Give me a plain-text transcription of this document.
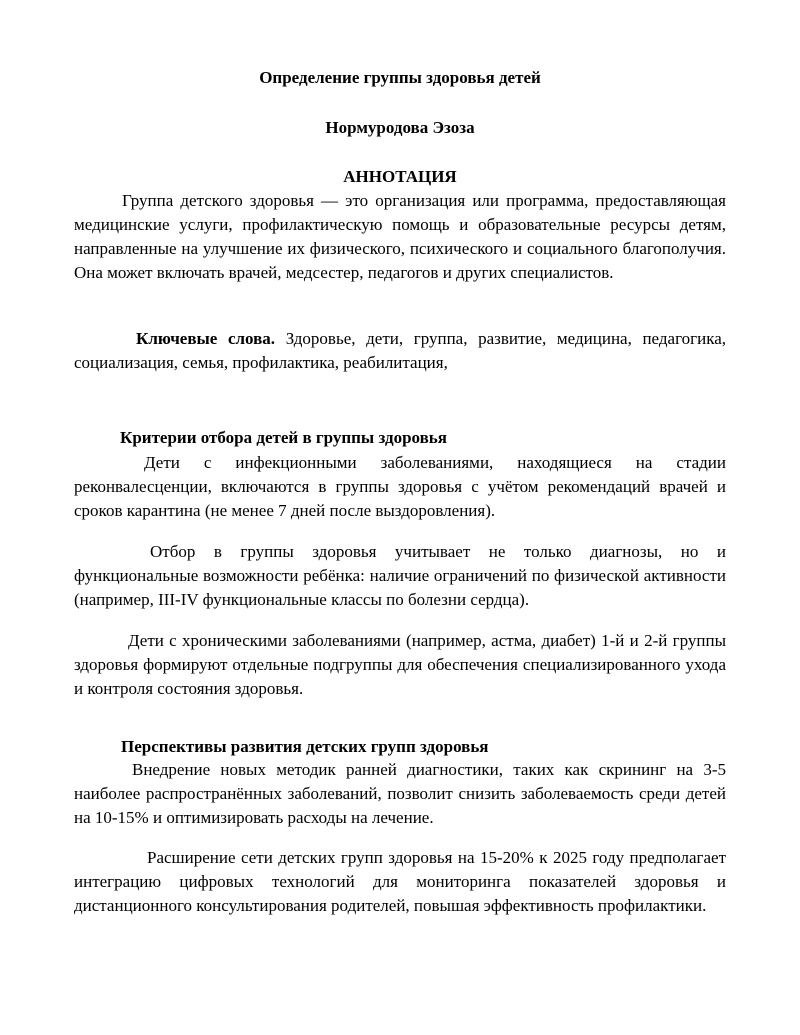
Определение группы здоровья детей
Нормуродова Эзоза
АННОТАЦИЯ

Группа детского здоровья — это организация или программа, предоставляющая медицинские услуги, профилактическую помощь и образовательные ресурсы детям, направленные на улучшение их физического, психического и социального благополучия. Она может включать врачей, медсестер, педагогов и других специалистов.

Ключевые слова. Здоровье, дети, группа, развитие, медицина, педагогика, социализация, семья, профилактика, реабилитация,

Критерии отбора детей в группы здоровья

Дети с инфекционными заболеваниями, находящиеся на стадии реконвалесценции, включаются в группы здоровья с учётом рекомендаций врачей и сроков карантина (не менее 7 дней после выздоровления).

Отбор в группы здоровья учитывает не только диагнозы, но и функциональные возможности ребёнка: наличие ограничений по физической активности (например, III-IV функциональные классы по болезни сердца).

Дети с хроническими заболеваниями (например, астма, диабет) 1-й и 2-й группы здоровья формируют отдельные подгруппы для обеспечения специализированного ухода и контроля состояния здоровья.

Перспективы развития детских групп здоровья

Внедрение новых методик ранней диагностики, таких как скрининг на 3-5 наиболее распространённых заболеваний, позволит снизить заболеваемость среди детей на 10-15% и оптимизировать расходы на лечение.

Расширение сети детских групп здоровья на 15-20% к 2025 году предполагает интеграцию цифровых технологий для мониторинга показателей здоровья и дистанционного консультирования родителей, повышая эффективность профилактики.
